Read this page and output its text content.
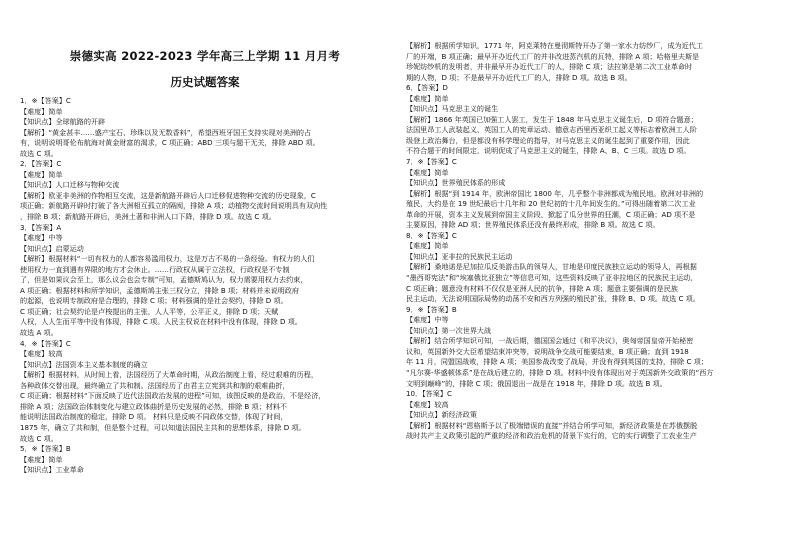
崇德实高 2022-2023 学年高三上学期 11 月月考
历史试题答案
1．※【答案】C
【难度】简单
【知识点】全球航路的开辟
【解析】“黄金甚丰……盛产宝石、珍珠以及无数香料”，希望西班牙国王支持实现对美洲的占
有，说明说明哥伦布航海对黄金财富的渴求，C 项正确；ABD 三项与题干无关，排除 ABD 项。
故选 C 项。
2．【答案】C
【难度】简单
【知识点】人口迁移与物种交流
【解析】欧亚非美洲的作物相互交流，这是新航路开辟后人口迁移促进物种交流的历史现象，C
项正确；新航路开辟时打破了各大洲相互孤立的隔阂，排除 A 项；动植物交流时间说明具有双向性
，排除 B 项；新航路开辟后，美洲土著和非洲人口下降，排除 D 项。故选 C 项。
3．【答案】A
【难度】中等
【知识点】启蒙运动
【解析】根据材料“一切有权力的人都容易滥用权力，这是万古不易的一条经验。有权力的人们
使用权力一直到遇有界限的地方才会休止。……行政权从属于立法权，行政权是不专制
了，但是如果议会至上，那么议会也会专制”可知，孟德斯鸠认为，权力需要用权力去约束，
A 项正确；根据材料和所学知识，孟德斯鸠主张三权分立，排除 B 项；材料并未说明政府
的起源，也说明专制政府是合理的，排除 C 项；材料强调的是社会契约，排除 D 项。
C 项正确；社会契约论是卢梭提出的主张，人人平等，公平正义，排除 D 项；天赋
人权，人人生而平等中没有体现，排除 C 项。人民主权说在材料中没有体现，排除 D 项。
故选 A 项。
4．※【答案】C
【难度】较高
【知识点】法国资本主义基本制度的确立
【解析】根据材料，从时间上看，法国经历了大革命时期，从政治制度上看，经过艰难的历程，
各种政体交替出现，最终确立了共和制。法国经历了由君主立宪到共和制的艰难曲折，
C 项正确；根据材料“下面反映了近代法国政治发展的进程”可知，该图反映的是政治，不是经济，
排除 A 项；法国政治体制变化与建立政体曲折是历史发展的必然，排除 B 项；材料不
能说明法国政治制度的稳定，排除 D 项。 材料只是反映不同政体交替，体现了时间，
1875 年，确立了共和制，但是整个过程，可以知道法国民主共和的思想体系，排除 D 项。
故选 C 项。
5．※【答案】B
【难度】简单
【知识点】工业革命
【解析】根据所学知识，1771 年，阿克莱特在曼彻斯特开办了第一家水力纺纱厂，成为近代工
厂的开端，B 项正确；最早开办近代工厂的并非改进蒸汽机的瓦特，排除 A 项；哈格里夫斯是
珍妮纺纱机的发明者，并非最早开办近代工厂的人，排除 C 项；法拉第是第二次工业革命时
期的人物，D 项；不是最早开办近代工厂的人，排除 D 项。故选 B 项。
6．【答案】D
【难度】简单
【知识点】马克思主义的诞生
【解析】1866 年英国已加强工人罢工，发生于 1848 年马克思主义诞生后，D 项符合题意；
法国里昂工人武装起义、英国工人的宪章运动、德意志西里西亚织工起义等标志着欧洲工人阶
级登上政治舞台，但是都没有科学理论的指导，对马克思主义的诞生起到了重要作用，因此
不符合题干的时间限定，说明促成了马克思主义的诞生，排除 A、B、C 三项。故选 D 项。
7．※【答案】C
【难度】简单
【知识点】世界殖民体系的形成
【解析】根据“到 1914 年，欧洲帝国比 1800 年，几乎整个非洲都成为殖民地。欧洲对非洲的
殖民，大约是在 19 世纪最后十几年和 20 世纪初的十几年间发生的。”可得出随着第二次工业
革命的开展，资本主义发展到帝国主义阶段，掀起了瓜分世界的狂潮，C 项正确；AD 项不是
主要原因，排除 AD 项；世界殖民体系还没有最终形成，排除 B 项。故选 C 项。
8．※【答案】C
【难度】简单
【知识点】亚非拉的民族民主运动
【解析】桑地诺是尼加拉瓜反美游击队的领导人，甘地是印度民族独立运动的领导人，再根据
“墨西哥宪法”和“埃塞俄比亚独立”等信息可知，这些资料反映了亚非拉地区的民族民主运动，
C 项正确；题意没有材料不仅仅是亚洲人民的抗争，排除 A 项；题意主要强调的是民族
民主运动，无法说明国际局势的动荡不安和西方列强的殖民扩张，排除 B、D 项。故选 C 项。
9．※【答案】B
【难度】中等
【知识点】第一次世界大战
【解析】结合所学知识可知，一战后期，德国国会通过《和平决议》，奥匈帝国皇帝开始秘密
议和，英国新外交大臣希望结束冲突等，说明战争交战可能要结束，B 项正确；直到 1918
年 11 月，同盟国战败，排除 A 项；美国参战改变了战局，并没有得到英国的支持，排除 C 项；
“凡尔赛-华盛顿体系”是在战后建立的，排除 D 项。材料中没有体现出对于英国新外交政策的“西方
文明到巅峰”的，排除 C 项；俄国退出一战是在 1918 年，排除 D 项。故选 B 项。
10．【答案】C
【难度】较高
【知识点】新经济政策
【解析】根据材料“恩格斯予以了极端错误的直接”并结合所学可知，新经济政策是在苏俄摆脱
战时共产主义政策引起的严重的经济和政治危机的背景下实行的，它的实行调整了工农业生产
